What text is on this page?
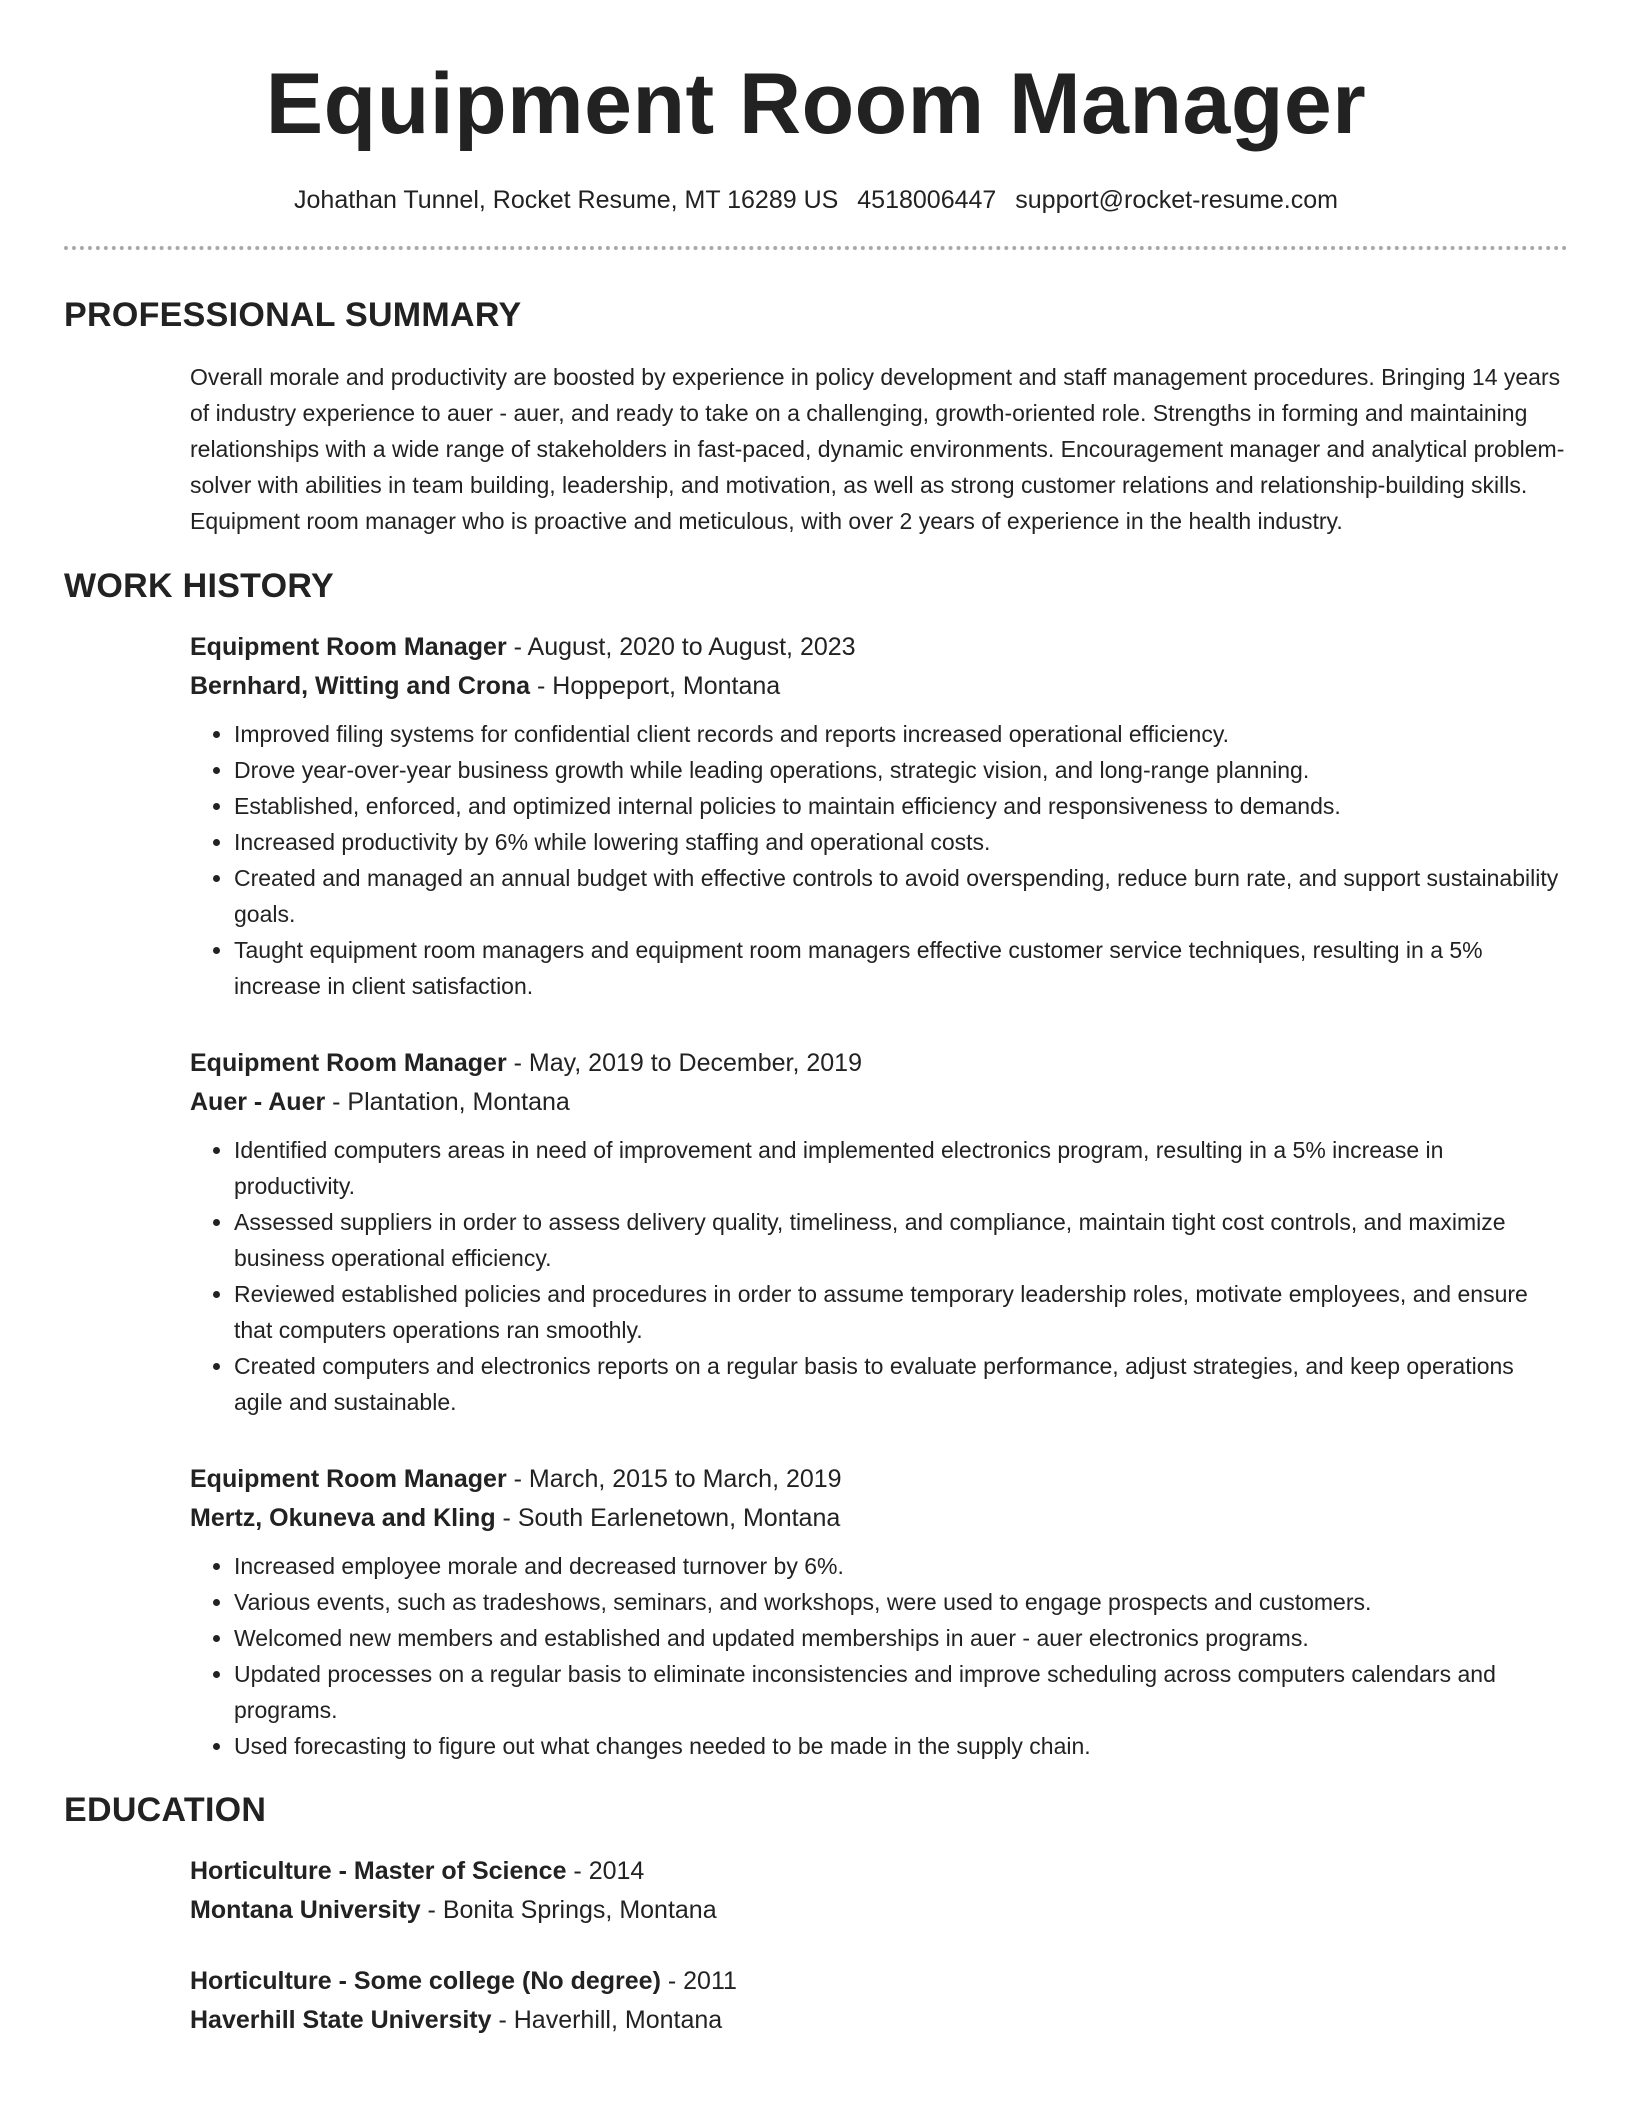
Equipment Room Manager
Johathan Tunnel, Rocket Resume, MT 16289 US 4518006447 support@rocket-resume.com
PROFESSIONAL SUMMARY
Overall morale and productivity are boosted by experience in policy development and staff management procedures. Bringing 14 years of industry experience to auer - auer, and ready to take on a challenging, growth-oriented role. Strengths in forming and maintaining relationships with a wide range of stakeholders in fast-paced, dynamic environments. Encouragement manager and analytical problem-solver with abilities in team building, leadership, and motivation, as well as strong customer relations and relationship-building skills. Equipment room manager who is proactive and meticulous, with over 2 years of experience in the health industry.
WORK HISTORY
Equipment Room Manager - August, 2020 to August, 2023
Bernhard, Witting and Crona - Hoppeport, Montana
• Improved filing systems for confidential client records and reports increased operational efficiency.
• Drove year-over-year business growth while leading operations, strategic vision, and long-range planning.
• Established, enforced, and optimized internal policies to maintain efficiency and responsiveness to demands.
• Increased productivity by 6% while lowering staffing and operational costs.
• Created and managed an annual budget with effective controls to avoid overspending, reduce burn rate, and support sustainability goals.
• Taught equipment room managers and equipment room managers effective customer service techniques, resulting in a 5% increase in client satisfaction.
Equipment Room Manager - May, 2019 to December, 2019
Auer - Auer - Plantation, Montana
• Identified computers areas in need of improvement and implemented electronics program, resulting in a 5% increase in productivity.
• Assessed suppliers in order to assess delivery quality, timeliness, and compliance, maintain tight cost controls, and maximize business operational efficiency.
• Reviewed established policies and procedures in order to assume temporary leadership roles, motivate employees, and ensure that computers operations ran smoothly.
• Created computers and electronics reports on a regular basis to evaluate performance, adjust strategies, and keep operations agile and sustainable.
Equipment Room Manager - March, 2015 to March, 2019
Mertz, Okuneva and Kling - South Earlenetown, Montana
• Increased employee morale and decreased turnover by 6%.
• Various events, such as tradeshows, seminars, and workshops, were used to engage prospects and customers.
• Welcomed new members and established and updated memberships in auer - auer electronics programs.
• Updated processes on a regular basis to eliminate inconsistencies and improve scheduling across computers calendars and programs.
• Used forecasting to figure out what changes needed to be made in the supply chain.
EDUCATION
Horticulture - Master of Science - 2014
Montana University - Bonita Springs, Montana
Horticulture - Some college (No degree) - 2011
Haverhill State University - Haverhill, Montana
